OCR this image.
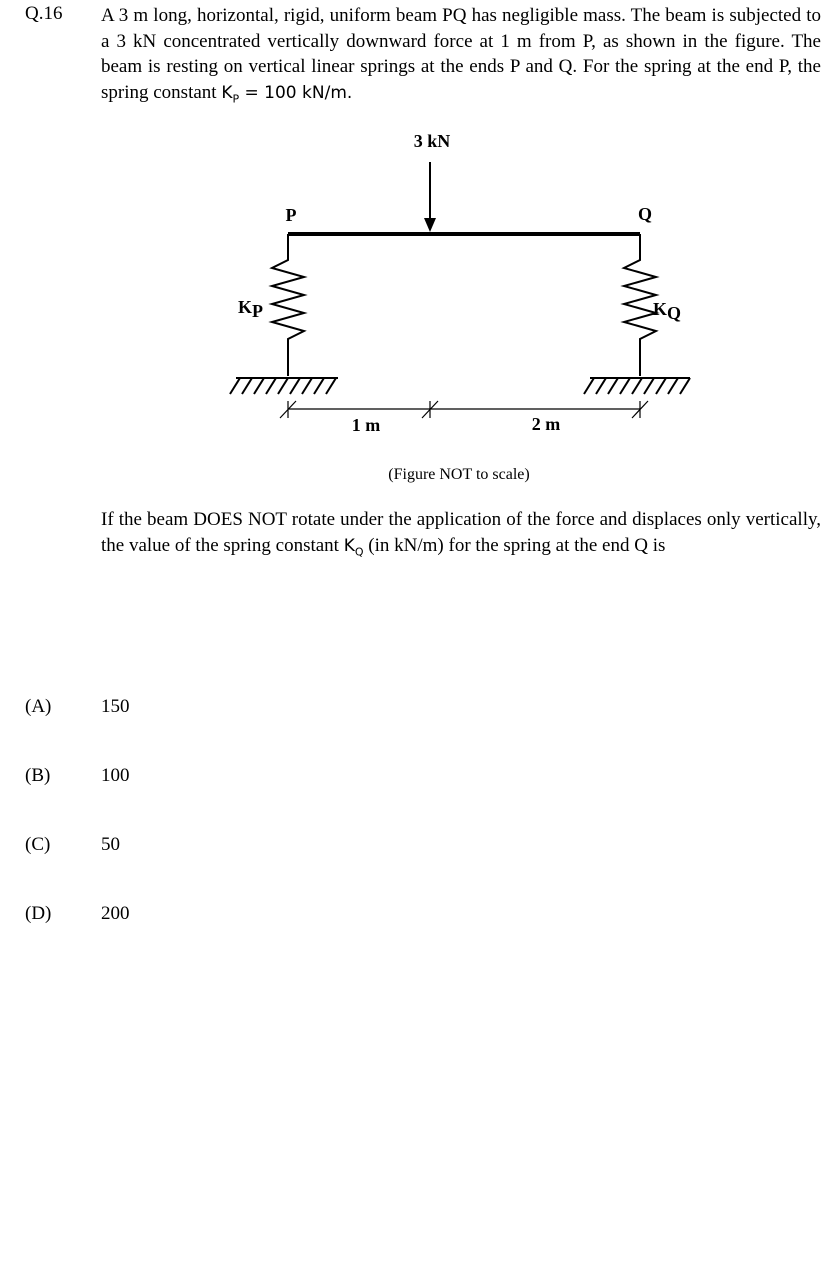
Q.16 A 3 m long, horizontal, rigid, uniform beam PQ has negligible mass. The beam is subjected to a 3 kN concentrated vertically downward force at 1 m from P, as shown in the figure. The beam is resting on vertical linear springs at the ends P and Q. For the spring at the end P, the spring constant $K_P = 100$ kN/m.
3 kN
P	Q
KP	KQ
1 m	2 m
(Figure NOT to scale)
If the beam DOES NOT rotate under the application of the force and displaces only vertically, the value of the spring constant $K_Q$ (in kN/m) for the spring at the end Q is
(A)	150
(B)	100
(C)	50
(D)	200
